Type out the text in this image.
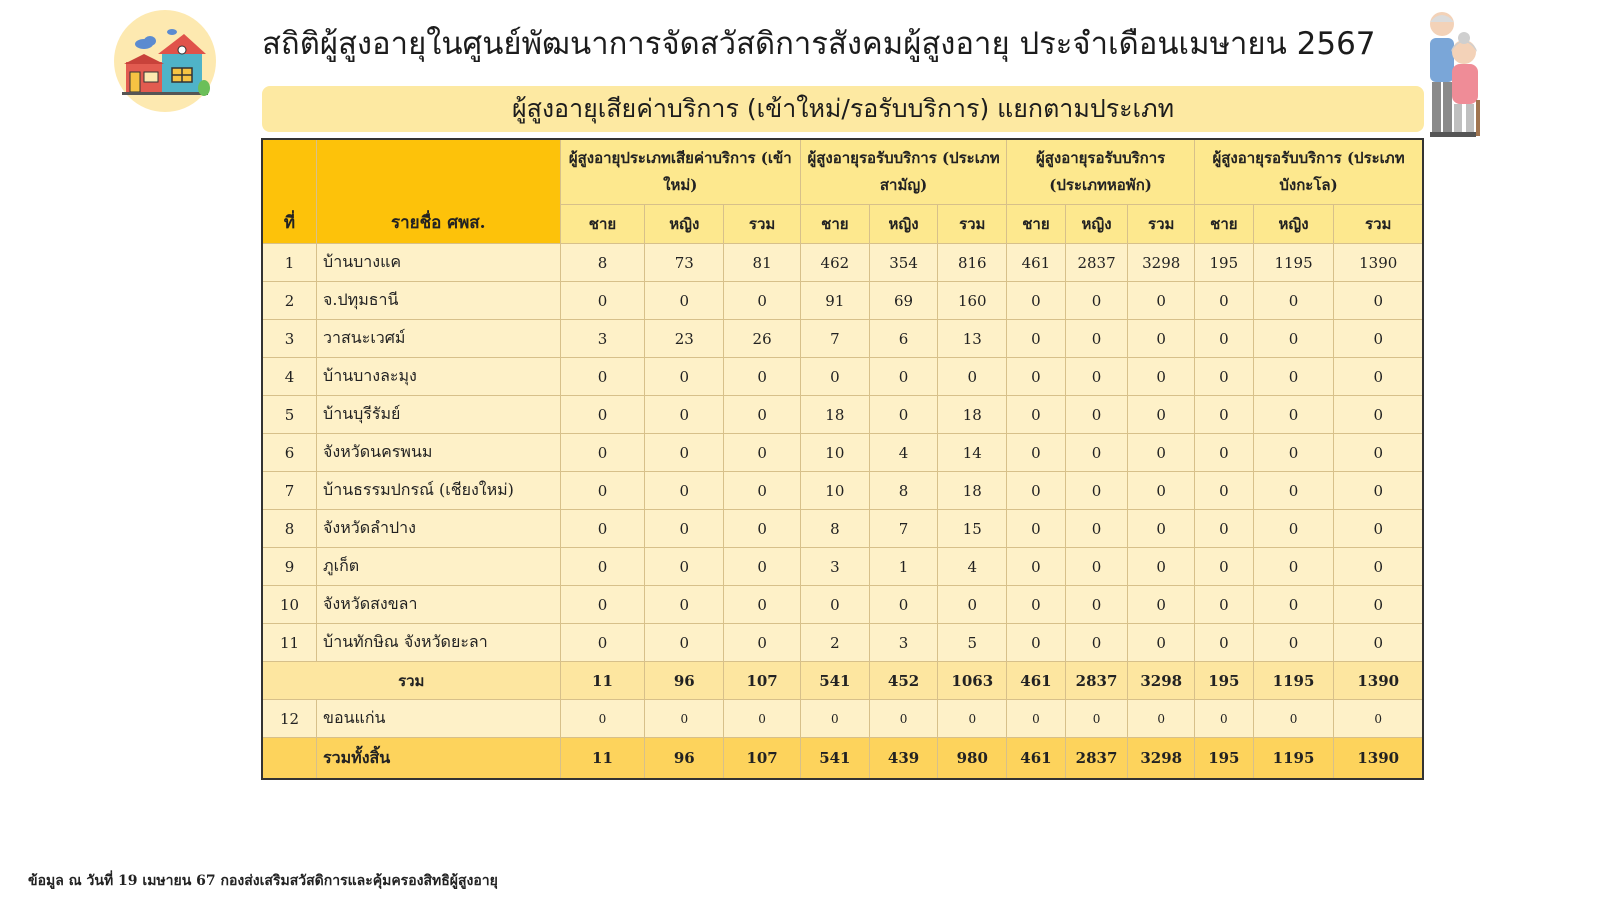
สถิติผู้สูงอายุในศูนย์พัฒนาการจัดสวัสดิการสังคมผู้สูงอายุ ประจำเดือนเมษายน 2567
ผู้สูงอายุเสียค่าบริการ (เข้าใหม่/รอรับบริการ) แยกตามประเภท
ที่	รายชื่อ ศพส.	ผู้สูงอายุประเภทเสียค่าบริการ (เข้าใหม่)			ผู้สูงอายุรอรับบริการ (ประเภทสามัญ)			ผู้สูงอายุรอรับบริการ (ประเภทหอพัก)			ผู้สูงอายุรอรับบริการ (ประเภทบังกะโล)		
		ชาย	หญิง	รวม	ชาย	หญิง	รวม	ชาย	หญิง	รวม	ชาย	หญิง	รวม
1	บ้านบางแค	8	73	81	462	354	816	461	2837	3298	195	1195	1390
2	จ.ปทุมธานี	0	0	0	91	69	160	0	0	0	0	0	0
3	วาสนะเวศม์	3	23	26	7	6	13	0	0	0	0	0	0
4	บ้านบางละมุง	0	0	0	0	0	0	0	0	0	0	0	0
5	บ้านบุรีรัมย์	0	0	0	18	0	18	0	0	0	0	0	0
6	จังหวัดนครพนม	0	0	0	10	4	14	0	0	0	0	0	0
7	บ้านธรรมปกรณ์ (เชียงใหม่)	0	0	0	10	8	18	0	0	0	0	0	0
8	จังหวัดลำปาง	0	0	0	8	7	15	0	0	0	0	0	0
9	ภูเก็ต	0	0	0	3	1	4	0	0	0	0	0	0
10	จังหวัดสงขลา	0	0	0	0	0	0	0	0	0	0	0	0
11	บ้านทักษิณ จังหวัดยะลา	0	0	0	2	3	5	0	0	0	0	0	0
รวม		11	96	107	541	452	1063	461	2837	3298	195	1195	1390
12	ขอนแก่น	0	0	0	0	0	0	0	0	0	0	0	0
	รวมทั้งสิ้น	11	96	107	541	439	980	461	2837	3298	195	1195	1390
ข้อมูล ณ วันที่ 19 เมษายน 67 กองส่งเสริมสวัสดิการและคุ้มครองสิทธิผู้สูงอายุ
